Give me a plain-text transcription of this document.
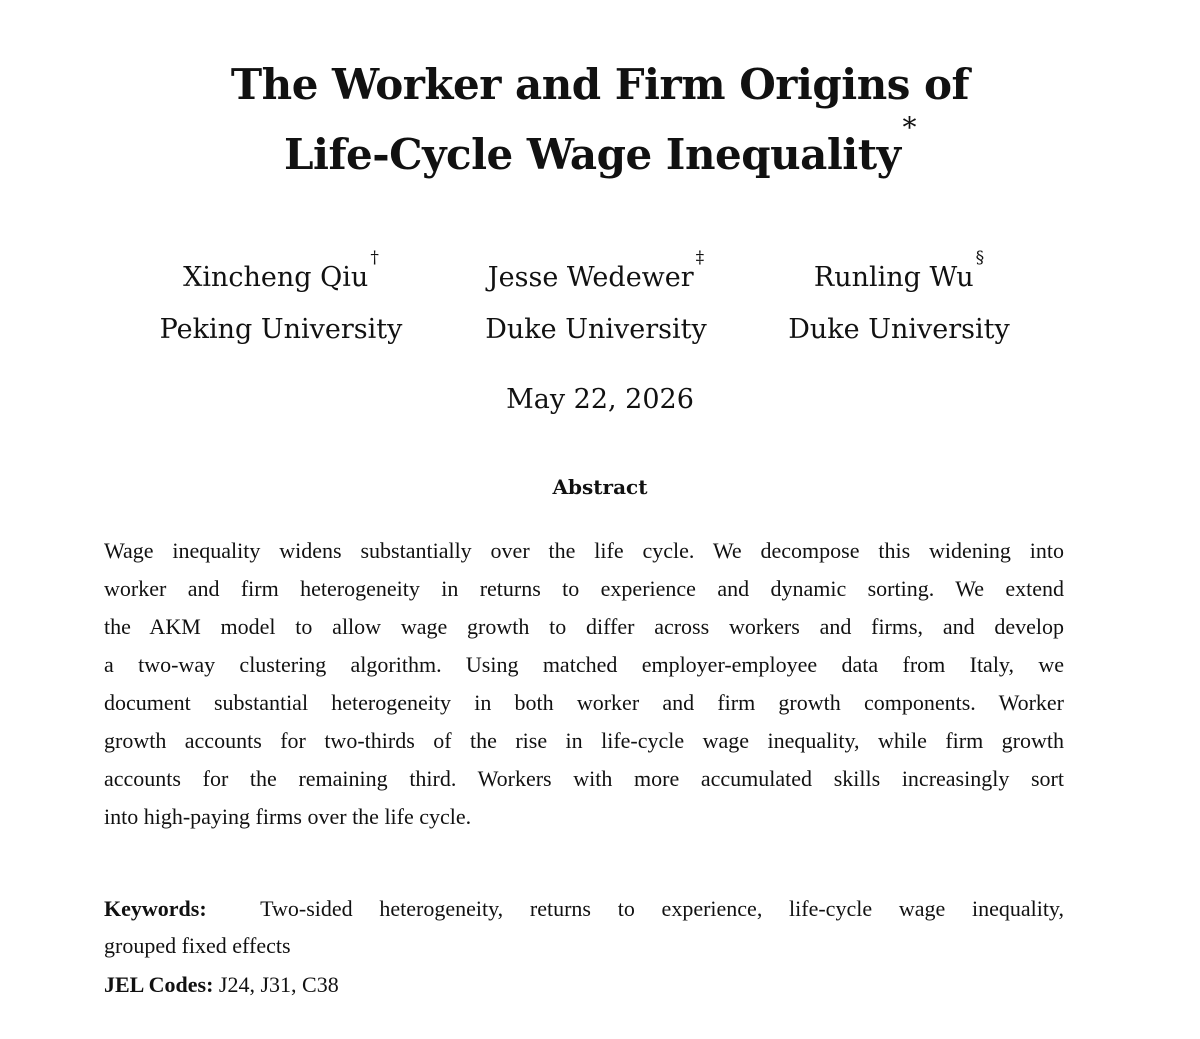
The Worker and Firm Origins of
Life-Cycle Wage Inequality*
Xincheng Qiu†
Peking University
Jesse Wedewer‡
Duke University
Runling Wu§
Duke University
May 22, 2026
Abstract
Wage inequality widens substantially over the life cycle. We decompose this widening into
worker and firm heterogeneity in returns to experience and dynamic sorting. We extend
the AKM model to allow wage growth to differ across workers and firms, and develop
a two-way clustering algorithm. Using matched employer-employee data from Italy, we
document substantial heterogeneity in both worker and firm growth components. Worker
growth accounts for two-thirds of the rise in life-cycle wage inequality, while firm growth
accounts for the remaining third. Workers with more accumulated skills increasingly sort
into high-paying firms over the life cycle.
Keywords: Two-sided heterogeneity, returns to experience, life-cycle wage inequality,
grouped fixed effects
JEL Codes: J24, J31, C38
